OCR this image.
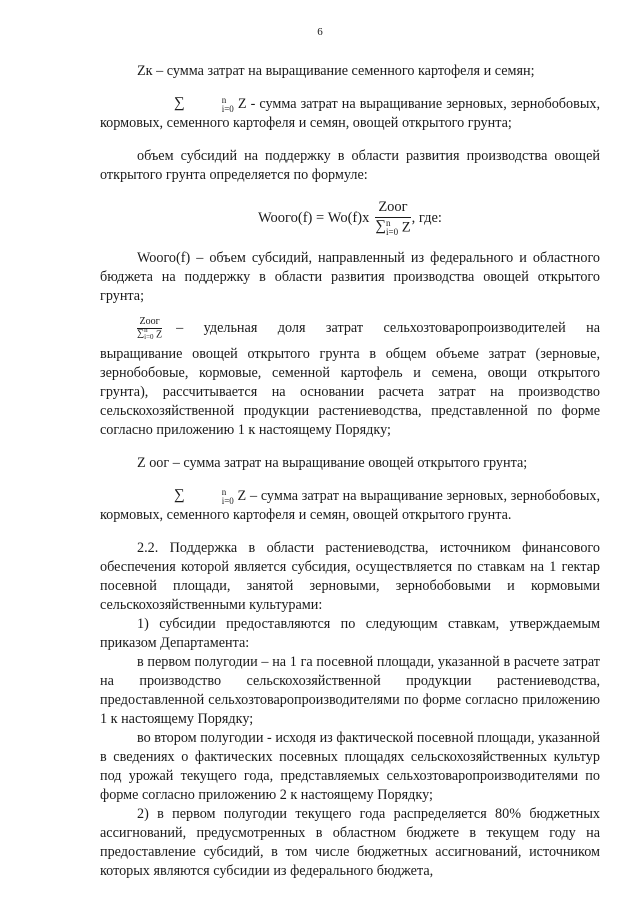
6

Zк – сумма затрат на выращивание семенного картофеля и семян;

∑	n
i=0 Z - сумма затрат на выращивание зерновых, зернобобовых, кормовых, семенного картофеля и семян, овощей открытого грунта;

объем субсидий на поддержку в области развития производства овощей открытого грунта определяется по формуле:

Wooго(f) = Wo(f)x Zooг
∑ n
i=0 Z , где:

Wooго(f) – объем субсидий, направленный из федерального и областного бюджета на поддержку в области развития производства овощей открытого грунта;

Zooг
∑ n
i=0 Z – удельная доля затрат сельхозтоваропроизводителей на

выращивание овощей открытого грунта в общем объеме затрат (зерновые, зернобобовые, кормовые, семенной картофель и семена, овощи открытого грунта), рассчитывается на основании расчета затрат на производство сельскохозяйственной продукции растениеводства, представленной по форме согласно приложению 1 к настоящему Порядку;

Z оог – сумма затрат на выращивание овощей открытого грунта;

∑	n
i=0 Z – сумма затрат на выращивание зерновых, зернобобовых, кормовых, семенного картофеля и семян, овощей открытого грунта.

2.2. Поддержка в области растениеводства, источником финансового обеспечения которой является субсидия, осуществляется по ставкам на 1 гектар посевной площади, занятой зерновыми, зернобобовыми и кормовыми сельскохозяйственными культурами:

1) субсидии предоставляются по следующим ставкам, утверждаемым приказом Департамента:

в первом полугодии – на 1 га посевной площади, указанной в расчете затрат на производство сельскохозяйственной продукции растениеводства, предоставленной сельхозтоваропроизводителями по форме согласно приложению 1 к настоящему Порядку;

во втором полугодии - исходя из фактической посевной площади, указанной в сведениях о фактических посевных площадях сельскохозяйственных культур под урожай текущего года, представляемых сельхозтоваропроизводителями по форме согласно приложению 2 к настоящему Порядку;

2) в первом полугодии текущего года распределяется 80% бюджетных ассигнований, предусмотренных в областном бюджете в текущем году на предоставление субсидий, в том числе бюджетных ассигнований, источником которых являются субсидии из федерального бюджета,
